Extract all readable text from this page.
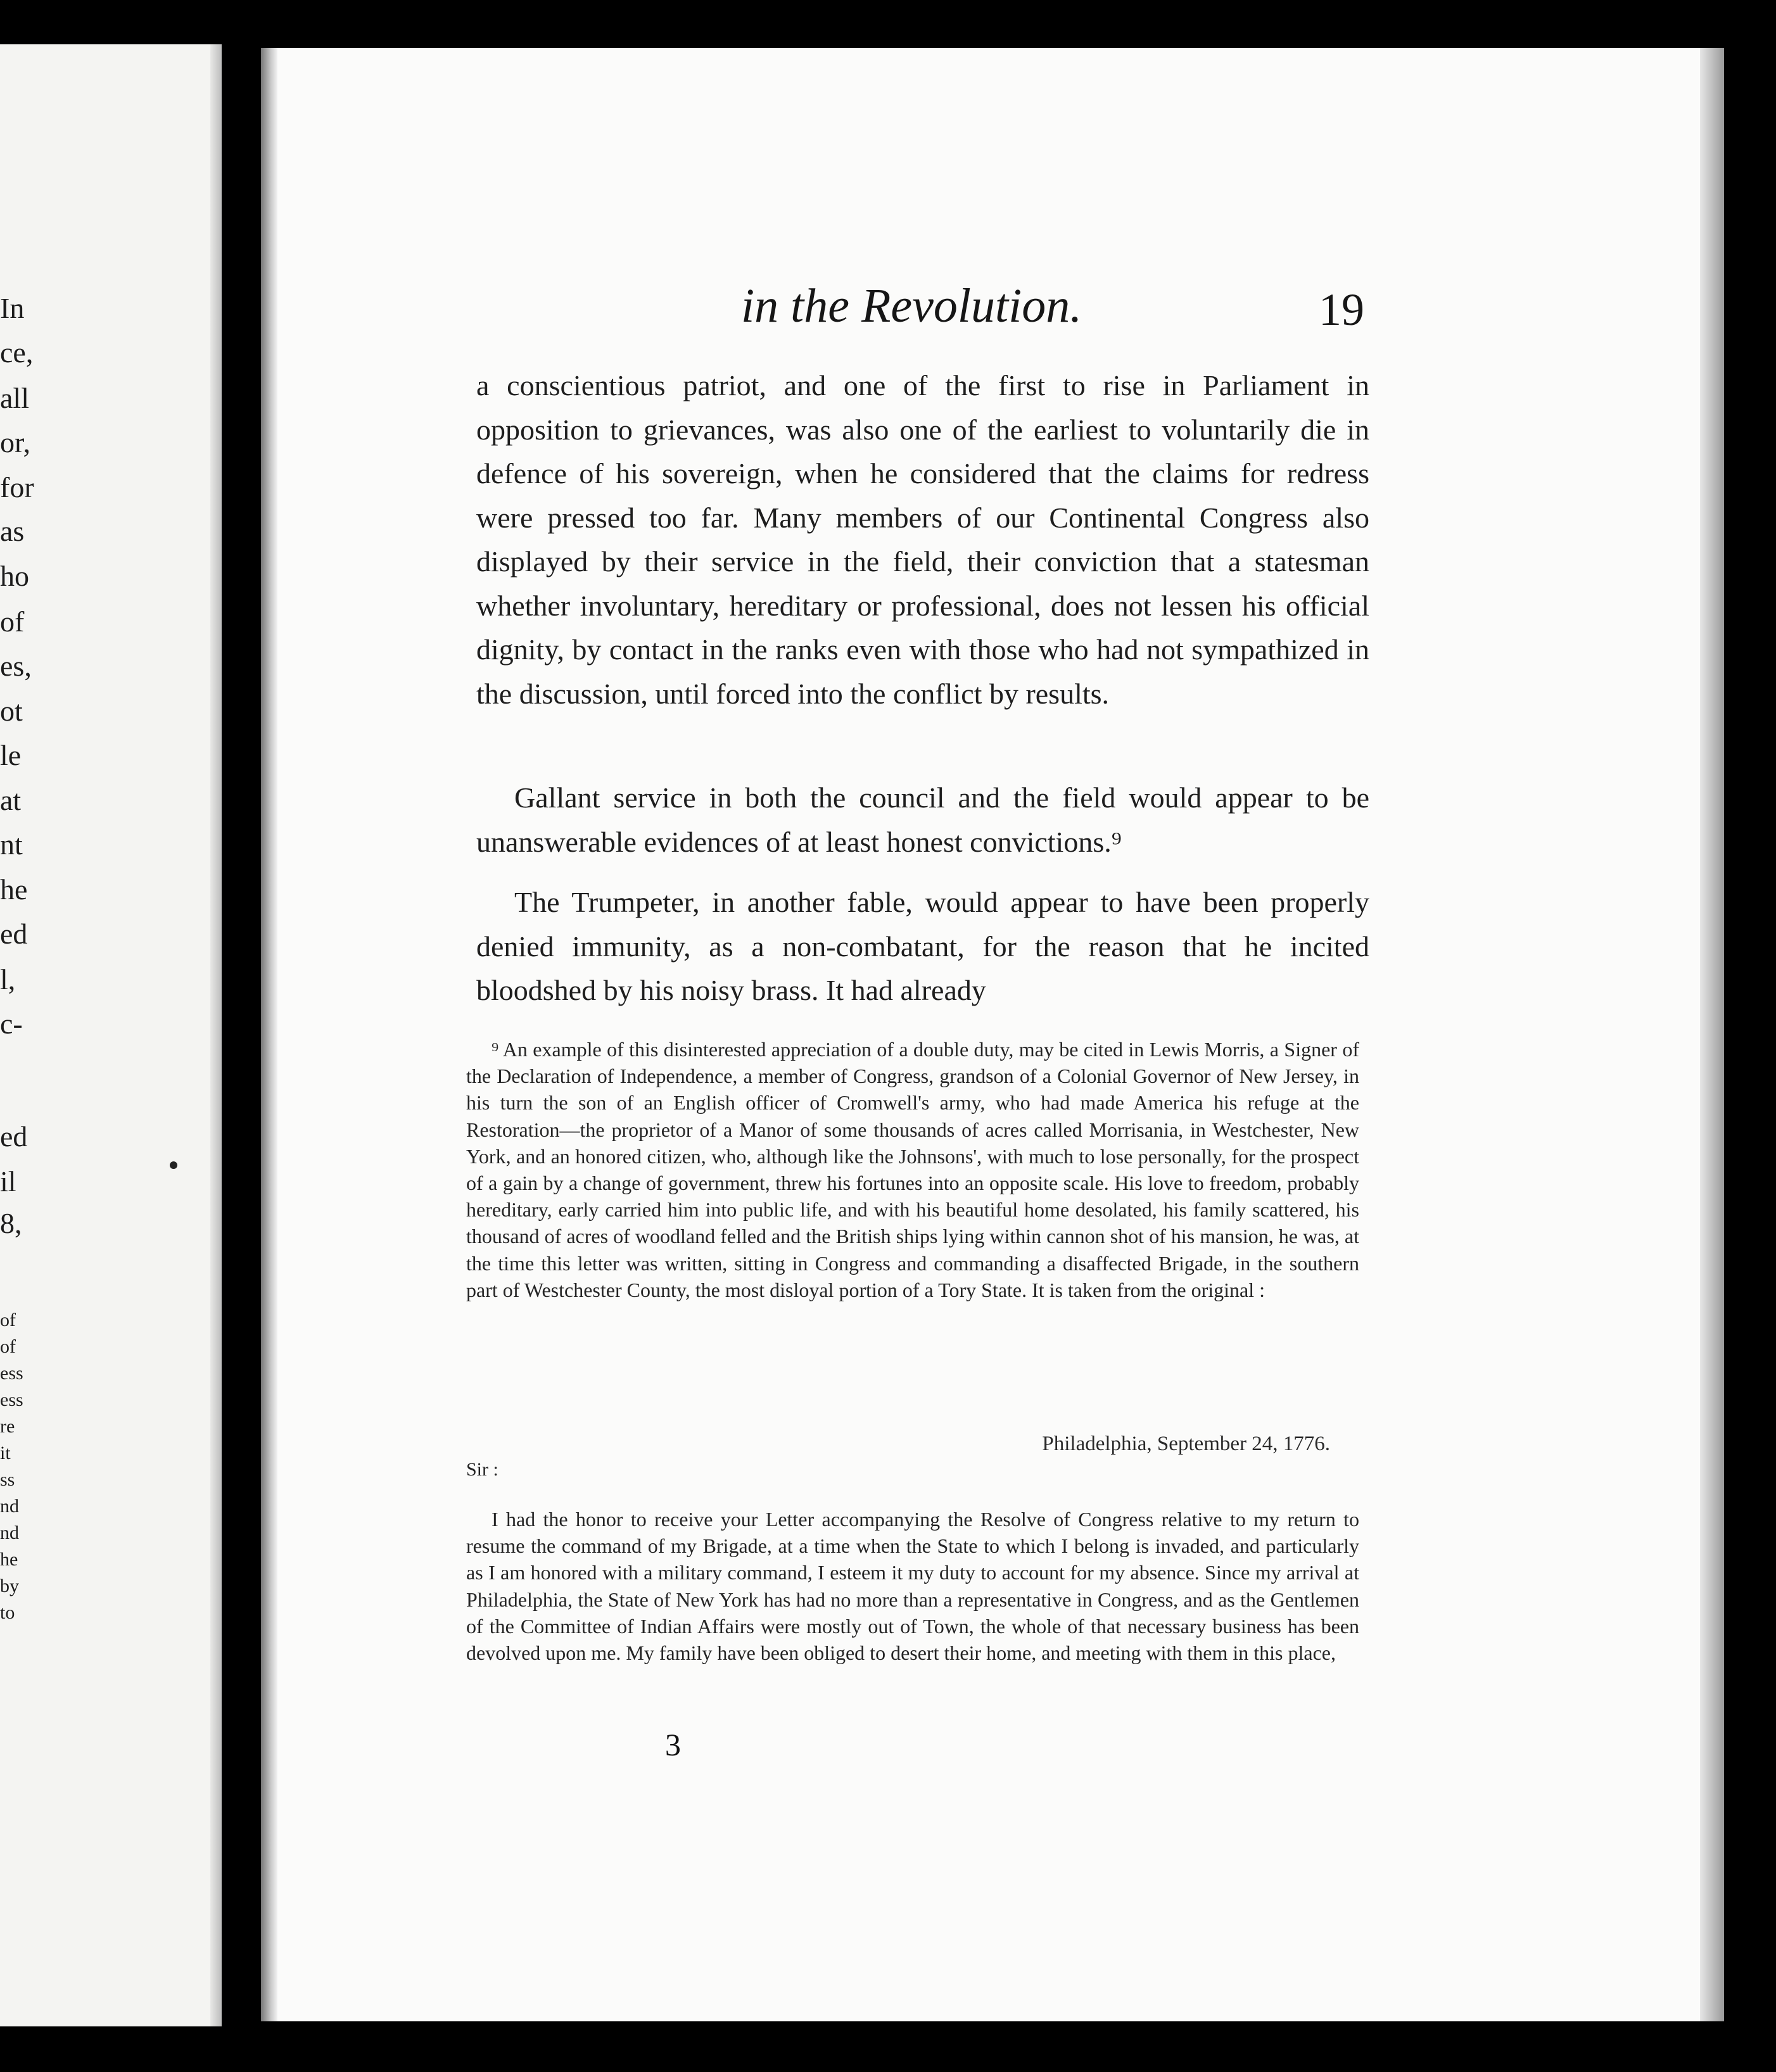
In
ce,
all
or,
for
as
ho
of
es,
ot
le
at
nt
he
ed
l,
c-
ed
il
8,
of
of
ess
ess
re
it
ss
nd
nd
he
by
to
in the Revolution.	19

a conscientious patriot, and one of the first to rise in Parliament in opposition to grievances, was also one of the earliest to voluntarily die in defence of his sovereign, when he considered that the claims for redress were pressed too far. Many members of our Continental Congress also displayed by their service in the field, their conviction that a statesman whether involuntary, hereditary or professional, does not lessen his official dignity, by contact in the ranks even with those who had not sympathized in the discussion, until forced into the conflict by results.

Gallant service in both the council and the field would appear to be unanswerable evidences of at least honest convictions.⁹

The Trumpeter, in another fable, would appear to have been properly denied immunity, as a non-combatant, for the reason that he incited bloodshed by his noisy brass. It had already

⁹ An example of this disinterested appreciation of a double duty, may be cited in Lewis Morris, a Signer of the Declaration of Independence, a member of Congress, grandson of a Colonial Governor of New Jersey, in his turn the son of an English officer of Cromwell's army, who had made America his refuge at the Restoration—the proprietor of a Manor of some thousands of acres called Morrisania, in Westchester, New York, and an honored citizen, who, although like the Johnsons', with much to lose personally, for the prospect of a gain by a change of government, threw his fortunes into an opposite scale. His love to freedom, probably hereditary, early carried him into public life, and with his beautiful home desolated, his family scattered, his thousand of acres of woodland felled and the British ships lying within cannon shot of his mansion, he was, at the time this letter was written, sitting in Congress and commanding a disaffected Brigade, in the southern part of Westchester County, the most disloyal portion of a Tory State. It is taken from the original :

Philadelphia, September 24, 1776.
Sir :

I had the honor to receive your Letter accompanying the Resolve of Congress relative to my return to resume the command of my Brigade, at a time when the State to which I belong is invaded, and particularly as I am honored with a military command, I esteem it my duty to account for my absence. Since my arrival at Philadelphia, the State of New York has had no more than a representative in Congress, and as the Gentlemen of the Committee of Indian Affairs were mostly out of Town, the whole of that necessary business has been devolved upon me. My family have been obliged to desert their home, and meeting with them in this place,

3
